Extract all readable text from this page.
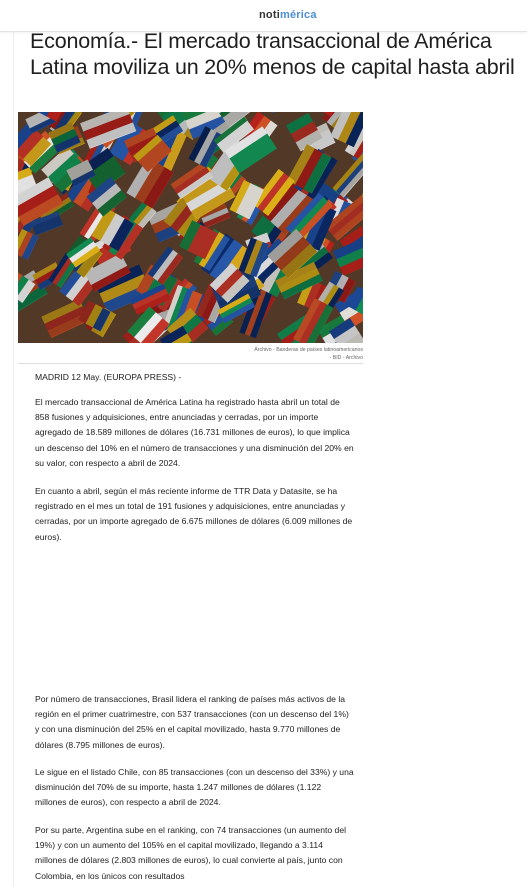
notimérica
Economía.- El mercado transaccional de América Latina moviliza un 20% menos de capital hasta abril
Archivo - Banderas de países latinoamericanos
- BID - Archivo

MADRID 12 May. (EUROPA PRESS) -

El mercado transaccional de América Latina ha registrado hasta abril un total de 858 fusiones y adquisiciones, entre anunciadas y cerradas, por un importe agregado de 18.589 millones de dólares (16.731 millones de euros), lo que implica un descenso del 10% en el número de transacciones y una disminución del 20% en su valor, con respecto a abril de 2024.

En cuanto a abril, según el más reciente informe de TTR Data y Datasite, se ha registrado en el mes un total de 191 fusiones y adquisiciones, entre anunciadas y cerradas, por un importe agregado de 6.675 millones de dólares (6.009 millones de euros).

Por número de transacciones, Brasil lidera el ranking de países más activos de la región en el primer cuatrimestre, con 537 transacciones (con un descenso del 1%) y con una disminución del 25% en el capital movilizado, hasta 9.770 millones de dólares (8.795 millones de euros).

Le sigue en el listado Chile, con 85 transacciones (con un descenso del 33%) y una disminución del 70% de su importe, hasta 1.247 millones de dólares (1.122 millones de euros), con respecto a abril de 2024.

Por su parte, Argentina sube en el ranking, con 74 transacciones (un aumento del 19%) y con un aumento del 105% en el capital movilizado, llegando a 3.114 millones de dólares (2.803 millones de euros), lo cual convierte al país, junto con Colombia, en los únicos con resultados
